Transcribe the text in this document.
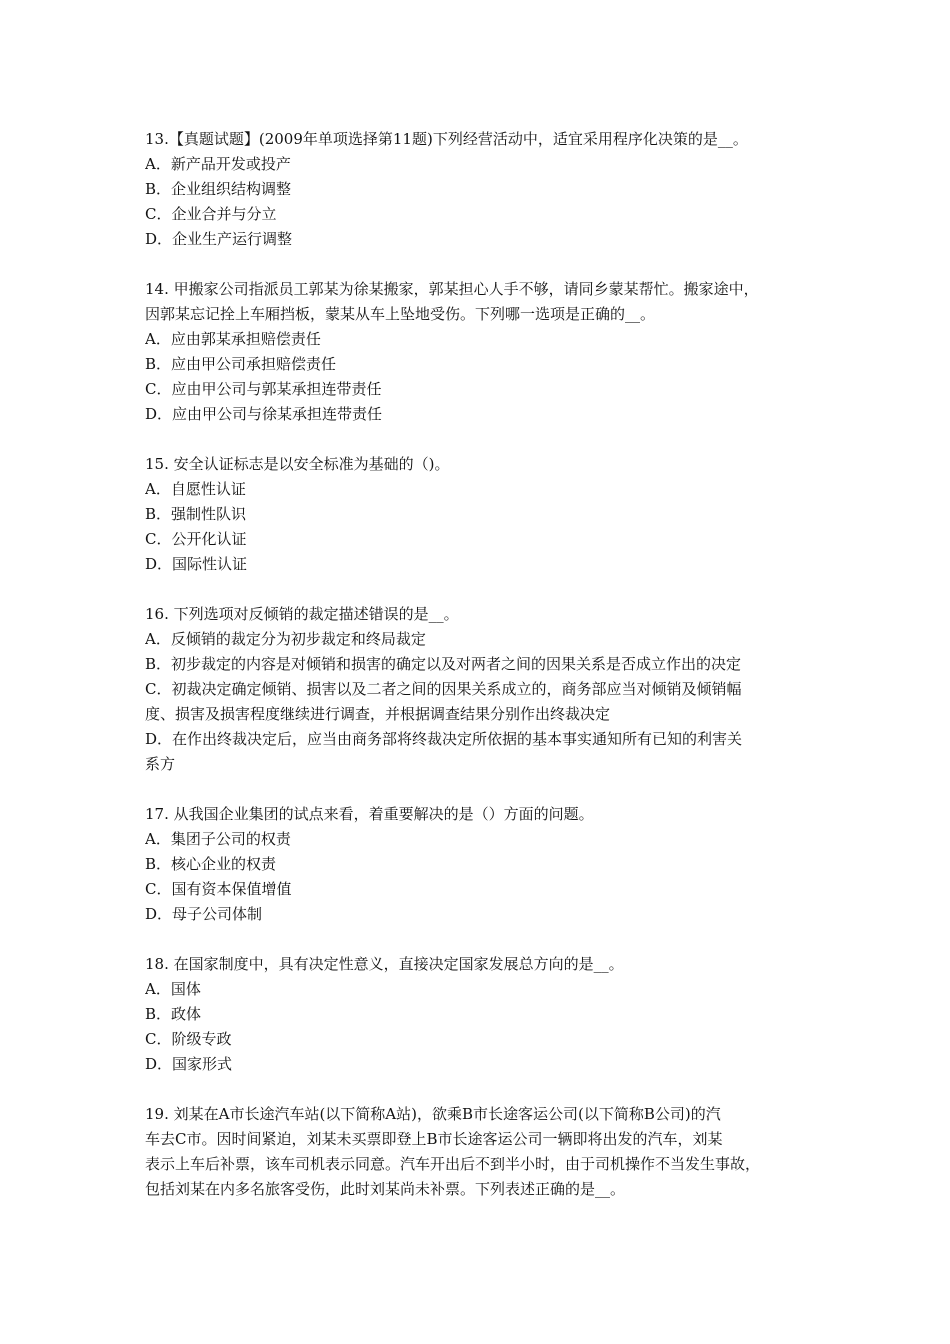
13.【真题试题】(2009年单项选择第11题)下列经营活动中，适宜采用程序化决策的是__。
A．新产品开发或投产
B．企业组织结构调整
C．企业合并与分立
D．企业生产运行调整
14. 甲搬家公司指派员工郭某为徐某搬家，郭某担心人手不够，请同乡蒙某帮忙。搬家途中，
因郭某忘记拴上车厢挡板，蒙某从车上坠地受伤。下列哪一选项是正确的__。
A．应由郭某承担赔偿责任
B．应由甲公司承担赔偿责任
C．应由甲公司与郭某承担连带责任
D．应由甲公司与徐某承担连带责任
15. 安全认证标志是以安全标准为基础的（)。
A．自愿性认证
B．强制性队识
C．公开化认证
D．国际性认证
16. 下列选项对反倾销的裁定描述错误的是__。
A．反倾销的裁定分为初步裁定和终局裁定
B．初步裁定的内容是对倾销和损害的确定以及对两者之间的因果关系是否成立作出的决定
C．初裁决定确定倾销、损害以及二者之间的因果关系成立的，商务部应当对倾销及倾销幅
度、损害及损害程度继续进行调查，并根据调查结果分别作出终裁决定
D．在作出终裁决定后，应当由商务部将终裁决定所依据的基本事实通知所有已知的利害关
系方
17. 从我国企业集团的试点来看，着重要解决的是（）方面的问题。
A．集团子公司的权责
B．核心企业的权责
C．国有资本保值增值
D．母子公司体制
18. 在国家制度中，具有决定性意义，直接决定国家发展总方向的是__。
A．国体
B．政体
C．阶级专政
D．国家形式
19. 刘某在A市长途汽车站(以下简称A站)，欲乘B市长途客运公司(以下简称B公司)的汽
车去C市。因时间紧迫，刘某未买票即登上B市长途客运公司一辆即将出发的汽车，刘某
表示上车后补票，该车司机表示同意。汽车开出后不到半小时，由于司机操作不当发生事故，
包括刘某在内多名旅客受伤，此时刘某尚未补票。下列表述正确的是__。
